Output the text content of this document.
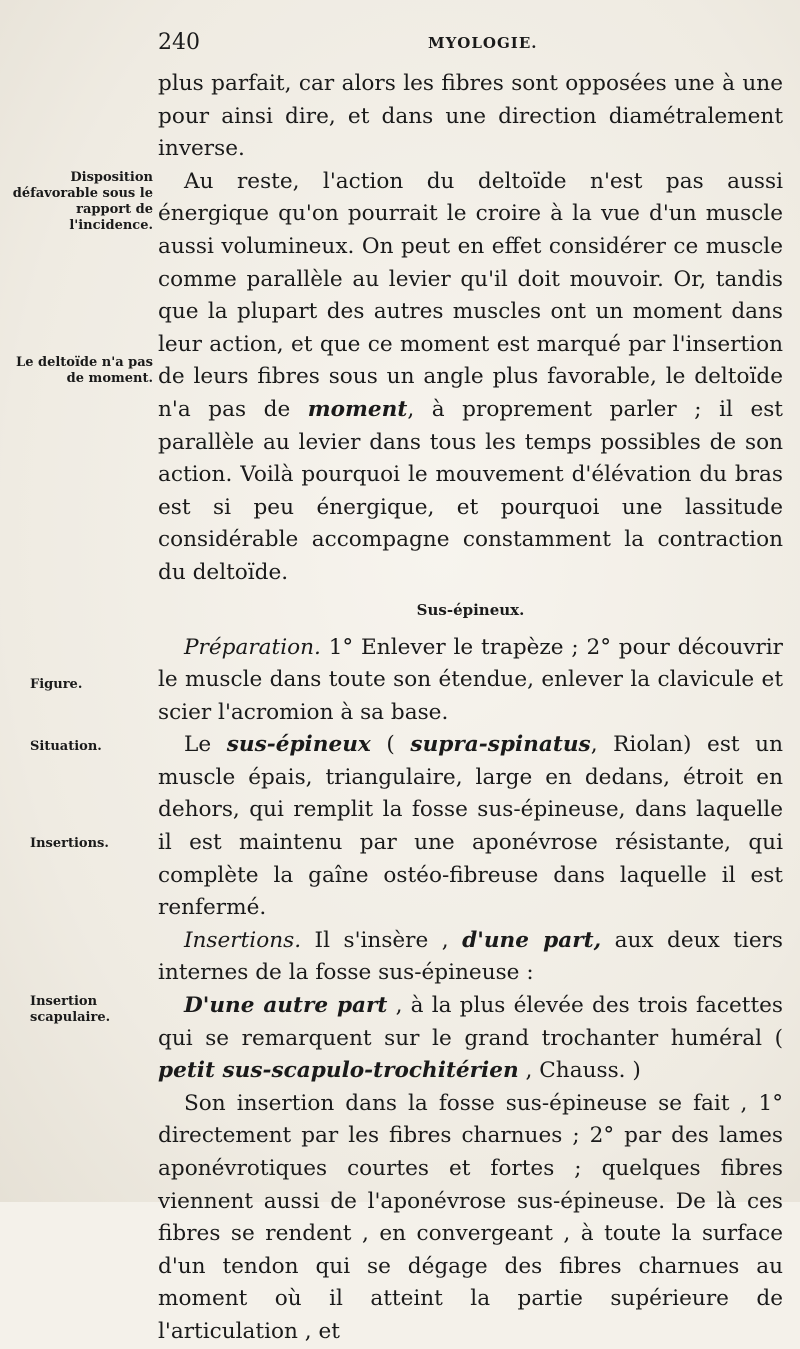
240	MYOLOGIE.
Disposition défavorable sous le rapport de l'incidence.
Le deltoïde n'a pas de moment.
Figure.
Situation.
Insertions.
Insertion scapulaire.

plus parfait, car alors les fibres sont opposées une à une pour ainsi dire, et dans une direction diamétralement inverse.

Au reste, l'action du deltoïde n'est pas aussi énergique qu'on pourrait le croire à la vue d'un muscle aussi volumineux. On peut en effet considérer ce muscle comme parallèle au levier qu'il doit mouvoir. Or, tandis que la plupart des autres muscles ont un moment dans leur action, et que ce moment est marqué par l'insertion de leurs fibres sous un angle plus favorable, le deltoïde n'a pas de moment, à proprement parler ; il est parallèle au levier dans tous les temps possibles de son action. Voilà pourquoi le mouvement d'élévation du bras est si peu énergique, et pourquoi une lassitude considérable accompagne constamment la contraction du deltoïde.

Sus-épineux.

Préparation. 1° Enlever le trapèze ; 2° pour découvrir le muscle dans toute son étendue, enlever la clavicule et scier l'acromion à sa base.

Le sus-épineux ( supra-spinatus, Riolan) est un muscle épais, triangulaire, large en dedans, étroit en dehors, qui remplit la fosse sus-épineuse, dans laquelle il est maintenu par une aponévrose résistante, qui complète la gaîne ostéo-fibreuse dans laquelle il est renfermé.

Insertions. Il s'insère , d'une part, aux deux tiers internes de la fosse sus-épineuse :

D'une autre part , à la plus élevée des trois facettes qui se remarquent sur le grand trochanter huméral ( petit sus-scapulo-trochitérien , Chauss. )

Son insertion dans la fosse sus-épineuse se fait , 1° directement par les fibres charnues ; 2° par des lames aponévrotiques courtes et fortes ; quelques fibres viennent aussi de l'aponévrose sus-épineuse. De là ces fibres se rendent , en convergeant , à toute la surface d'un tendon qui se dégage des fibres charnues au moment où il atteint la partie supérieure de l'articulation , et
